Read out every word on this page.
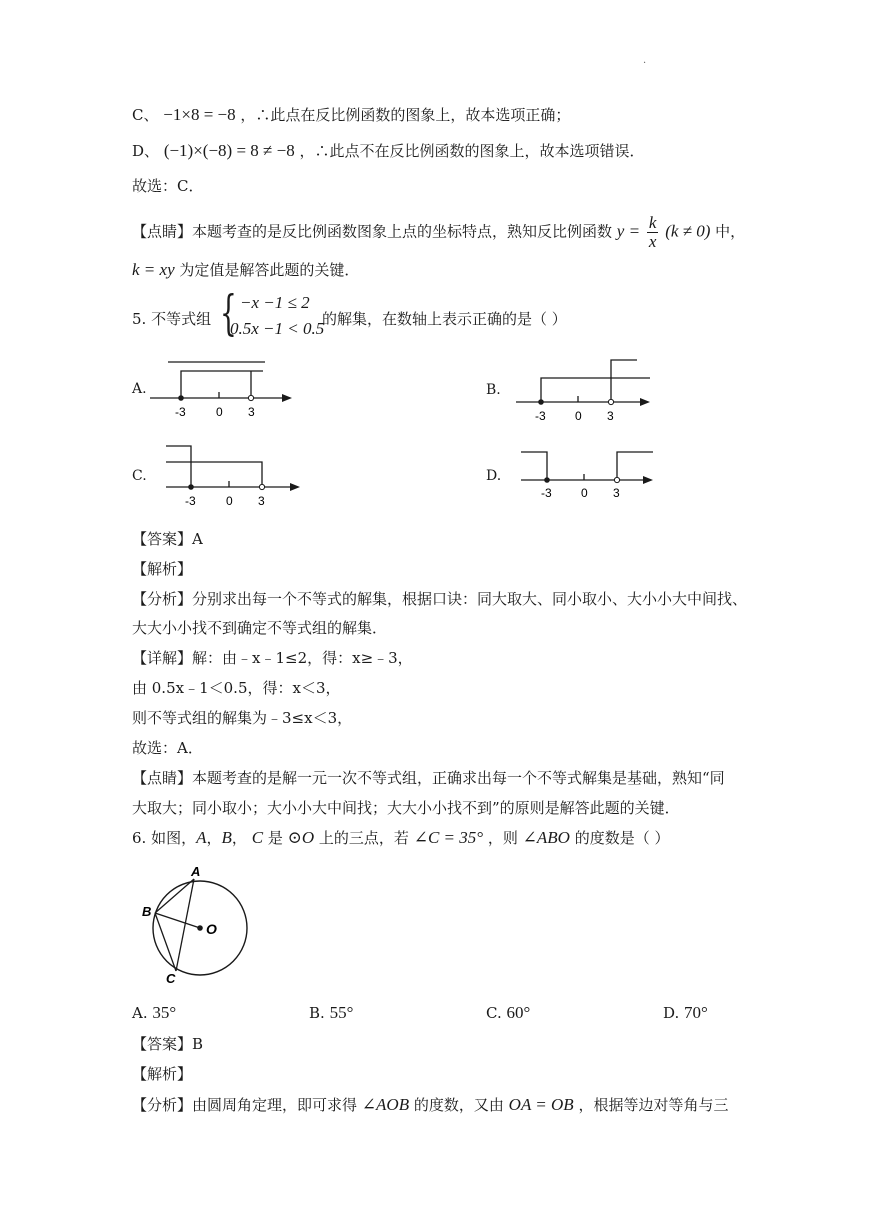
·
C、 −1×8 = −8 ，∴此点在反比例函数的图象上，故本选项正确；
D、 (−1)×(−8) = 8 ≠ −8 ，∴此点不在反比例函数的图象上，故本选项错误．
故选：C．
【点睛】本题考查的是反比例函数图象上点的坐标特点，熟知反比例函数 $y = \frac{k}{x} (k \ne 0)$ 中，
k = xy 为定值是解答此题的关键．
5. 不等式组 { −x −1 ≤ 2
0.5x −1 < 0.5
的解集，在数轴上表示正确的是（ ）
A.
-3	0 3
B.
-3 0 3
C.
-3	0 3
D.
-3 0 3
【答案】A
【解析】
【分析】分别求出每一个不等式的解集，根据口诀：同大取大、同小取小、大小小大中间找、
大大小小找不到确定不等式组的解集．
【详解】解：由﹣x﹣1≤2，得：x≥﹣3，
由 0.5x﹣1＜0.5，得：x＜3，
则不等式组的解集为﹣3≤x＜3，
故选：A．
【点睛】本题考查的是解一元一次不等式组，正确求出每一个不等式解集是基础，熟知“同
大取大；同小取小；大小小大中间找；大大小小找不到”的原则是解答此题的关键．
6. 如图，A，B， C 是 ⊙O 上的三点，若 ∠C = 35° ，则 ∠ABO 的度数是（ ）
A
B
O
C
A. 35°	B. 55°	C. 60°	D. 70°
【答案】B
【解析】
【分析】由圆周角定理，即可求得 ∠AOB 的度数，又由 OA = OB ，根据等边对等角与三
